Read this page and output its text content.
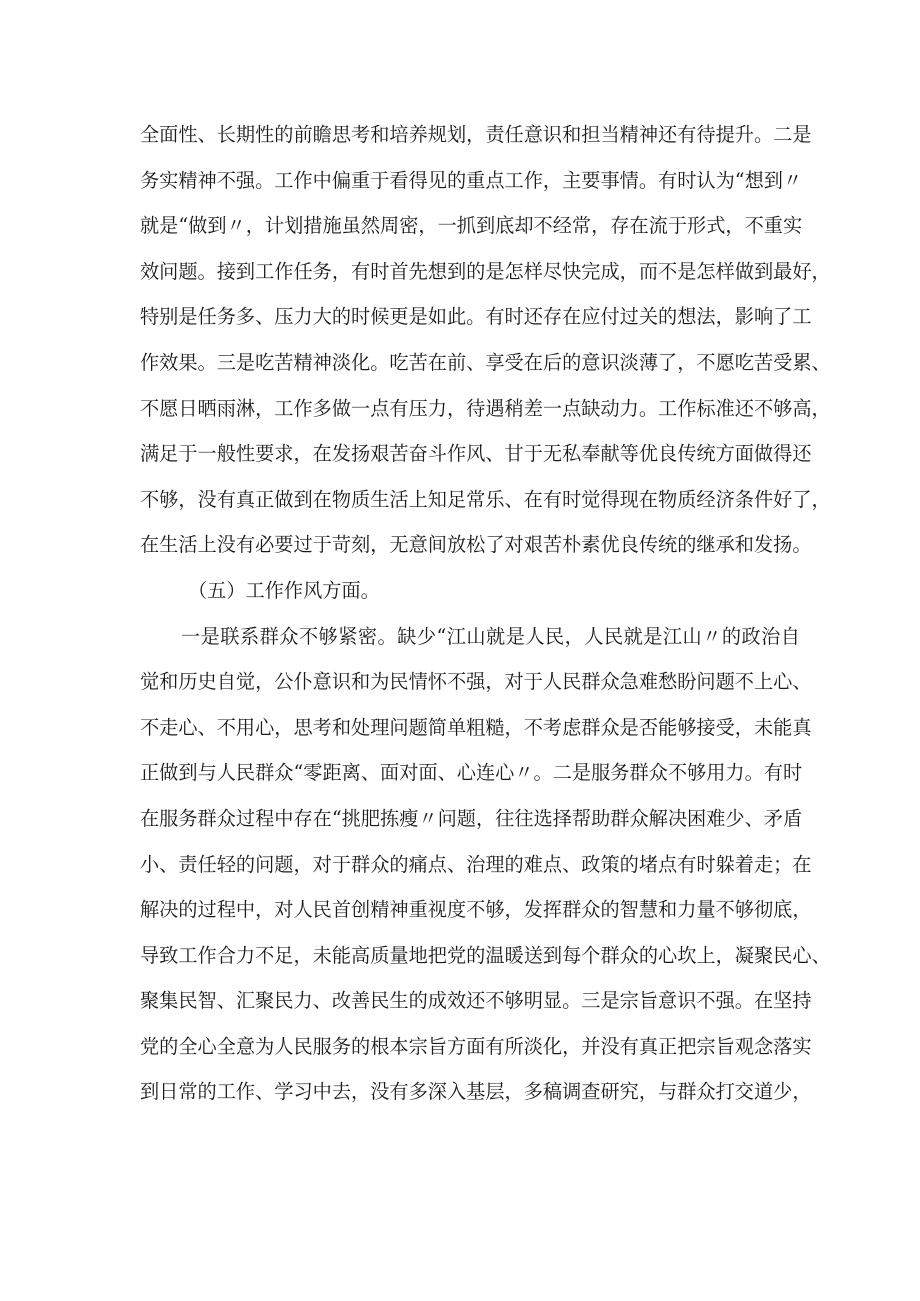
全面性、长期性的前瞻思考和培养规划，责任意识和担当精神还有待提升。二是
务实精神不强。工作中偏重于看得见的重点工作，主要事情。有时认为“想到〃
就是“做到〃，计划措施虽然周密，一抓到底却不经常，存在流于形式，不重实
效问题。接到工作任务，有时首先想到的是怎样尽快完成，而不是怎样做到最好，
特别是任务多、压力大的时候更是如此。有时还存在应付过关的想法，影响了工
作效果。三是吃苦精神淡化。吃苦在前、享受在后的意识淡薄了，不愿吃苦受累、
不愿日晒雨淋，工作多做一点有压力，待遇稍差一点缺动力。工作标准还不够高，
满足于一般性要求，在发扬艰苦奋斗作风、甘于无私奉献等优良传统方面做得还
不够，没有真正做到在物质生活上知足常乐、在有时觉得现在物质经济条件好了，
在生活上没有必要过于苛刻，无意间放松了对艰苦朴素优良传统的继承和发扬。
（五）工作作风方面。
一是联系群众不够紧密。缺少“江山就是人民，人民就是江山〃的政治自
觉和历史自觉，公仆意识和为民情怀不强，对于人民群众急难愁盼问题不上心、
不走心、不用心，思考和处理问题简单粗糙，不考虑群众是否能够接受，未能真
正做到与人民群众“零距离、面对面、心连心〃。二是服务群众不够用力。有时
在服务群众过程中存在“挑肥拣瘦〃问题，往往选择帮助群众解决困难少、矛盾
小、责任轻的问题，对于群众的痛点、治理的难点、政策的堵点有时躲着走；在
解决的过程中，对人民首创精神重视度不够，发挥群众的智慧和力量不够彻底，
导致工作合力不足，未能高质量地把党的温暖送到每个群众的心坎上，凝聚民心、
聚集民智、汇聚民力、改善民生的成效还不够明显。三是宗旨意识不强。在坚持
党的全心全意为人民服务的根本宗旨方面有所淡化，并没有真正把宗旨观念落实
到日常的工作、学习中去，没有多深入基层，多稿调查研究，与群众打交道少，
